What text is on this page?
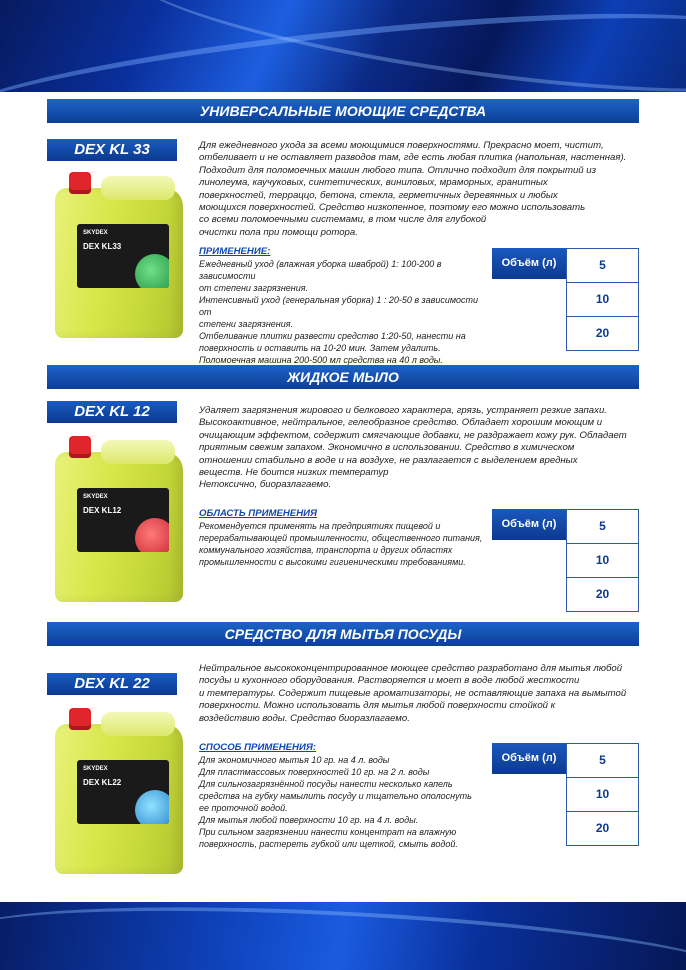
УНИВЕРСАЛЬНЫЕ МОЮЩИЕ СРЕДСТВА
DEX KL 33
SKYDEX
DEX KL33
Для ежедневного ухода за всеми моющимися поверхностями. Прекрасно моет, чистит,
отбеливает и не оставляет разводов там, где есть любая плитка (напольная, настенная).
Подходит для поломоечных машин любого типа. Отлично подходит для покрытий из
линолеума, каучуковых, синтетических, виниловых, мраморных, гранитных
поверхностей, терраццо, бетона, стекла, герметичных деревянных и любых
моющихся поверхностей. Средство низкопенное, поэтому его можно использовать
со всеми поломоечными системами, в том числе для глубокой
очистки пола при помощи ротора.
ПРИМЕНЕНИЕ:
Ежедневный уход (влажная уборка шваброй) 1: 100-200 в зависимости
от степени загрязнения.
Интенсивный уход (генеральная уборка) 1 : 20-50 в зависимости от
степени загрязнения.
Отбеливание плитки развести средство 1:20-50, нанести на
поверхность и оставить на 10-20 мин. Затем удалить.
Поломоечная машина 200-500 мл средства на 40 л воды.
Объём (л)	5
10
20
ЖИДКОЕ МЫЛО
DEX KL 12
SKYDEX
DEX KL12
Удаляет загрязнения жирового и белкового характера, грязь, устраняет резкие запахи.
Высокоактивное, нейтральное, гелеобразное средство. Обладает хорошим моющим и
очищающим эффектом, содержит смягчающие добавки, не раздражает кожу рук. Обладает
приятным свежим запахом. Экономично в использовании. Средство в химическом
отношении стабильно в воде и на воздухе, не разлагается с выделением вредных
веществ. Не боится низких температур
Нетоксично, биоразлагаемо.
ОБЛАСТЬ ПРИМЕНЕНИЯ
Рекомендуется применять на предприятиях пищевой и
перерабатывающей промышленности, общественного питания,
коммунального хозяйства, транспорта и других областях
промышленности с высокими гигиеническими требованиями.
Объём (л)	5
10
20
СРЕДСТВО ДЛЯ МЫТЬЯ ПОСУДЫ
DEX KL 22
SKYDEX
DEX KL22
Нейтральное высококонцентрированное моющее средство разработано для мытья любой
посуды и кухонного оборудования. Растворяется и моет в воде любой жесткости
и температуры. Содержит пищевые ароматизаторы, не оставляющие запаха на вымытой
поверхности. Можно использовать для мытья любой поверхности стойкой к
воздействию воды. Средство биоразлагаемо.
СПОСОБ ПРИМЕНЕНИЯ:
Для экономичного мытья 10 гр. на 4 л. воды
Для пластмассовых поверхностей 10 гр. на 2 л. воды
Для сильнозагрязнённой посуды нанести несколько капель
средства на губку намылить посуду и тщательно ополоснуть
ее проточной водой.
Для мытья любой поверхности 10 гр. на 4 л. воды.
При сильном загрязнении нанести концентрат на влажную
поверхность, растереть губкой или щеткой, смыть водой.
Объём (л)	5
10
20
